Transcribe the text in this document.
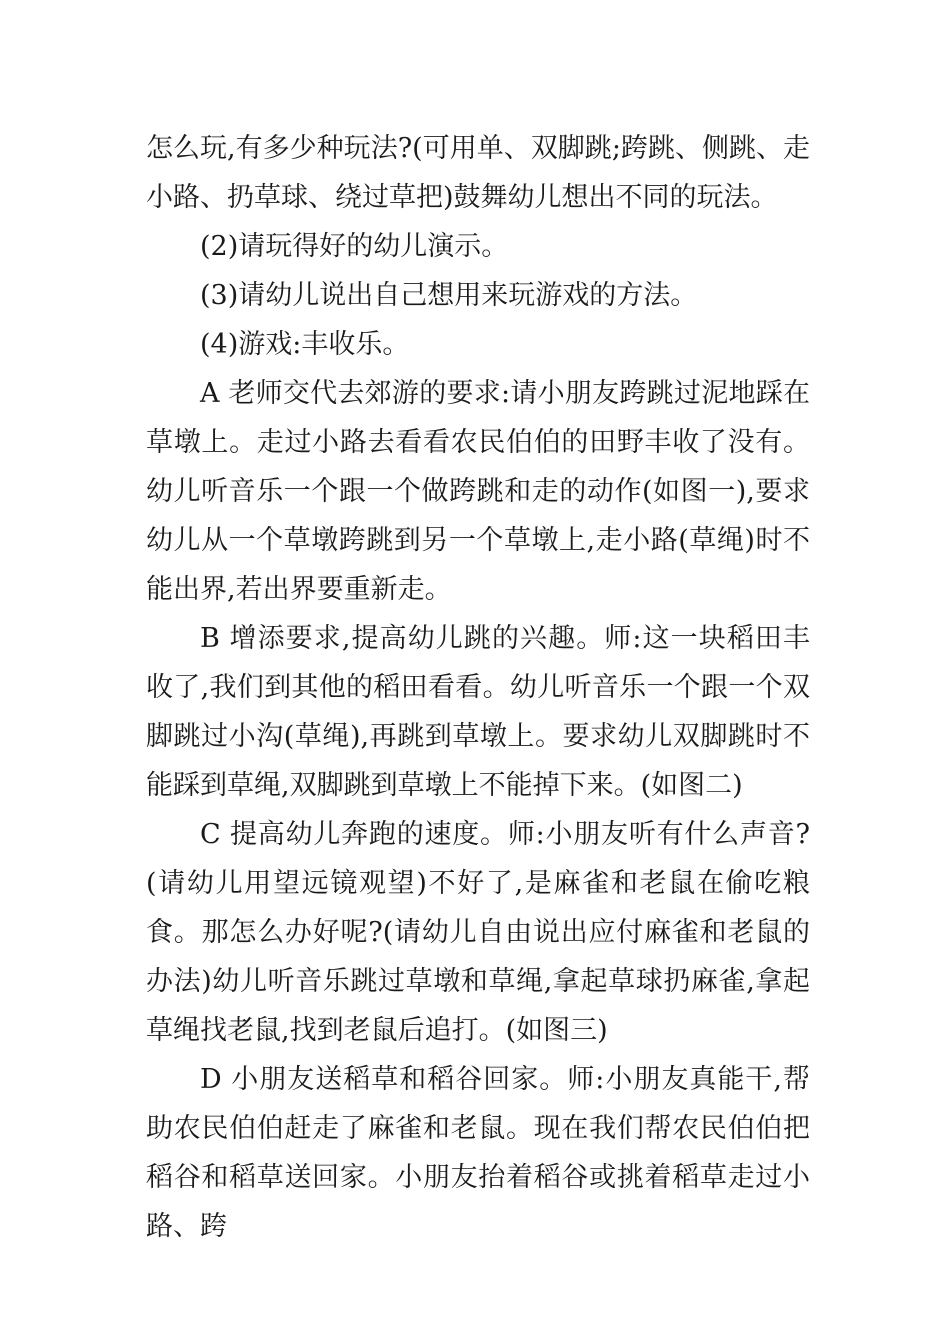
怎么玩,有多少种玩法?(可用单、双脚跳;跨跳、侧跳、走小路、扔草球、绕过草把)鼓舞幼儿想出不同的玩法。

(2)请玩得好的幼儿演示。

(3)请幼儿说出自己想用来玩游戏的方法。

(4)游戏:丰收乐。

A 老师交代去郊游的要求:请小朋友跨跳过泥地踩在草墩上。走过小路去看看农民伯伯的田野丰收了没有。幼儿听音乐一个跟一个做跨跳和走的动作(如图一),要求幼儿从一个草墩跨跳到另一个草墩上,走小路(草绳)时不能出界,若出界要重新走。

B 增添要求,提高幼儿跳的兴趣。师:这一块稻田丰收了,我们到其他的稻田看看。幼儿听音乐一个跟一个双脚跳过小沟(草绳),再跳到草墩上。要求幼儿双脚跳时不能踩到草绳,双脚跳到草墩上不能掉下来。(如图二)

C 提高幼儿奔跑的速度。师:小朋友听有什么声音?(请幼儿用望远镜观望)不好了,是麻雀和老鼠在偷吃粮食。那怎么办好呢?(请幼儿自由说出应付麻雀和老鼠的办法)幼儿听音乐跳过草墩和草绳,拿起草球扔麻雀,拿起草绳找老鼠,找到老鼠后追打。(如图三)

D 小朋友送稻草和稻谷回家。师:小朋友真能干,帮助农民伯伯赶走了麻雀和老鼠。现在我们帮农民伯伯把稻谷和稻草送回家。小朋友抬着稻谷或挑着稻草走过小路、跨
